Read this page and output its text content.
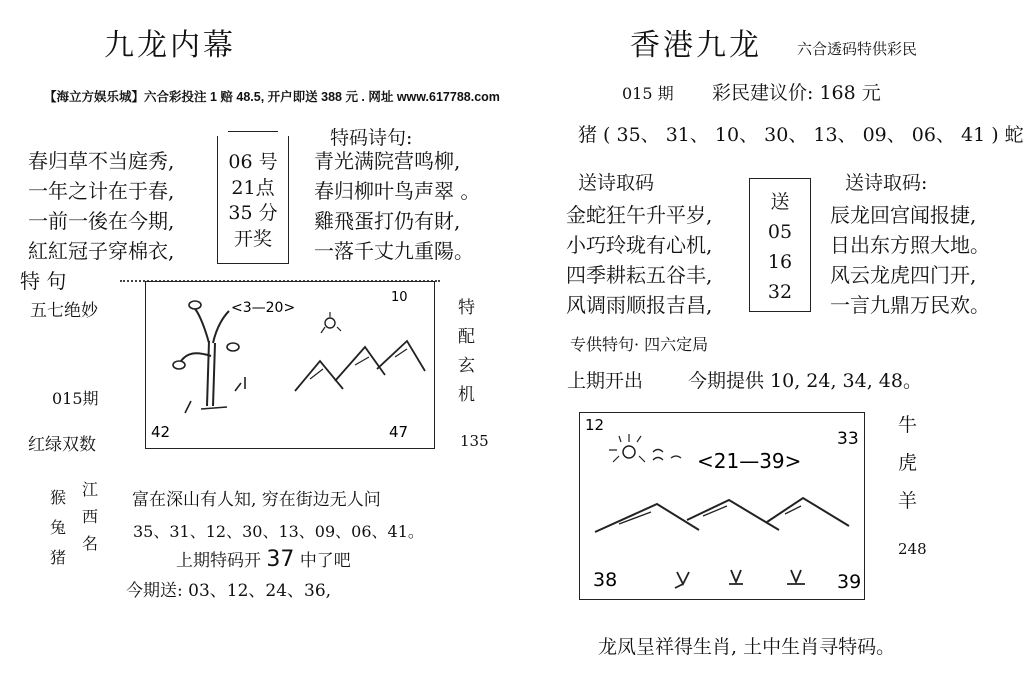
九龙内幕
【海立方娱乐城】六合彩投注 1 赔 48.5, 开户即送 388 元 . 网址 www.617788.com
特码诗句:
春归草不当庭秀,
一年之计在于春,
一前一後在今期,
紅紅冠子穿棉衣,
06 号
21点
35 分
开奖
青光满院营鸣柳,
春归柳叶鸟声翠 。
雞飛蛋打仍有財,
一落千丈九重陽。
特 句
五七绝妙
015期
红绿双数
<3—20>
42	47
10
特
配
玄
机
135
猴
兔
猪
江
西
名
富在深山有人知, 穷在街边无人问
35、31、12、30、13、09、06、41。
上期特码开 37 中了吧
今期送: 03、12、24、36,
香港九龙 六合透码特供彩民
015 期 彩民建议价: 168 元
猪 ( 35、 31、 10、 30、 13、 09、 06、 41 ) 蛇
送诗取码	送诗取码:
金蛇狂午升平岁,
小巧玲珑有心机,
四季耕耘五谷丰,
风调雨顺报吉昌,
送
05
16
32
辰龙回宫闻报捷,
日出东方照大地。
风云龙虎四门开,
一言九鼎万民欢。
专供特句· 四六定局
上期开出 今期提供 10, 24, 34, 48。
<21—39>
12
33
38	39
牛
虎
羊
248
龙凤呈祥得生肖, 土中生肖寻特码。
